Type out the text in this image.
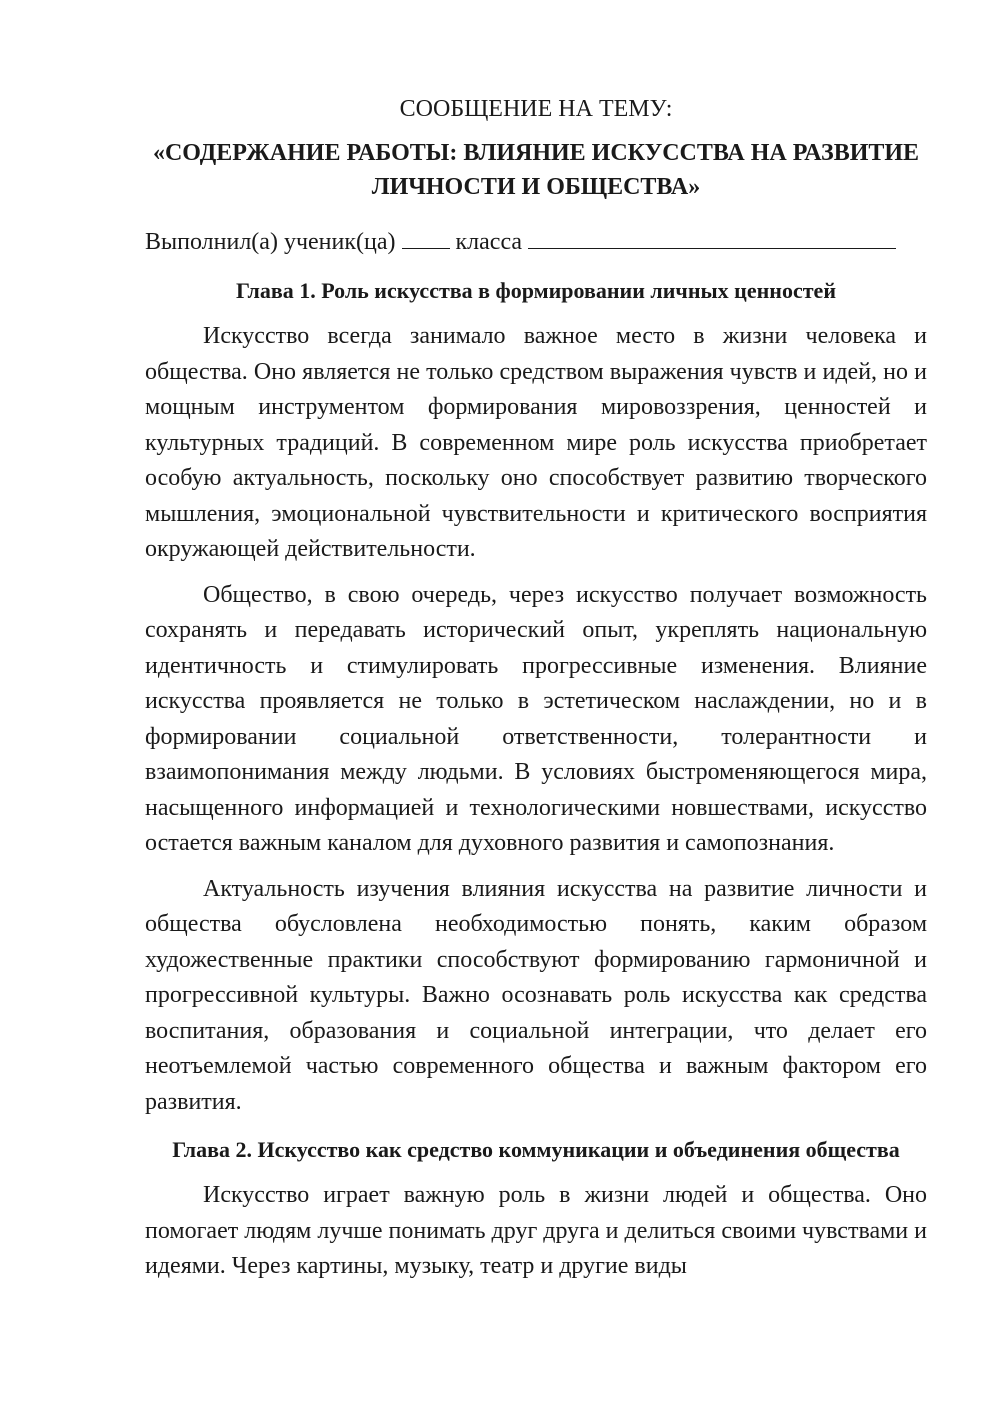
СООБЩЕНИЕ НА ТЕМУ:

«СОДЕРЖАНИЕ РАБОТЫ: ВЛИЯНИЕ ИСКУССТВА НА РАЗВИТИЕ ЛИЧНОСТИ И ОБЩЕСТВА»

Выполнил(а) ученик(ца)	класса

Глава 1. Роль искусства в формировании личных ценностей

Искусство всегда занимало важное место в жизни человека и общества. Оно является не только средством выражения чувств и идей, но и мощным инструментом формирования мировоззрения, ценностей и культурных традиций. В современном мире роль искусства приобретает особую актуальность, поскольку оно способствует развитию творческого мышления, эмоциональной чувствительности и критического восприятия окружающей действительности.

Общество, в свою очередь, через искусство получает возможность сохранять и передавать исторический опыт, укреплять национальную идентичность и стимулировать прогрессивные изменения. Влияние искусства проявляется не только в эстетическом наслаждении, но и в формировании социальной ответственности, толерантности и взаимопонимания между людьми. В условиях быстроменяющегося мира, насыщенного информацией и технологическими новшествами, искусство остается важным каналом для духовного развития и самопознания.

Актуальность изучения влияния искусства на развитие личности и общества обусловлена необходимостью понять, каким образом художественные практики способствуют формированию гармоничной и прогрессивной культуры. Важно осознавать роль искусства как средства воспитания, образования и социальной интеграции, что делает его неотъемлемой частью современного общества и важным фактором его развития.

Глава 2. Искусство как средство коммуникации и объединения общества

Искусство играет важную роль в жизни людей и общества. Оно помогает людям лучше понимать друг друга и делиться своими чувствами и идеями. Через картины, музыку, театр и другие виды
